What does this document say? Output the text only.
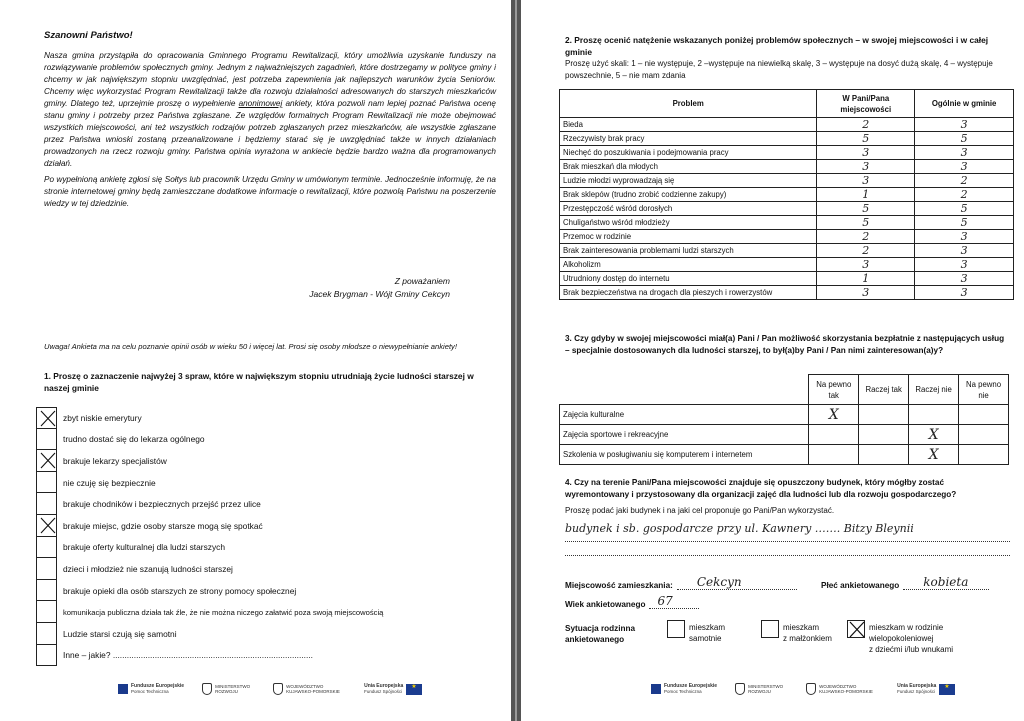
Szanowni Państwo!

Nasza gmina przystąpiła do opracowania Gminnego Programu Rewitalizacji, który umożliwia uzyskanie funduszy na rozwiązywanie problemów społecznych gminy. Jednym z najważniejszych zagadnień, które dostrzegamy w polityce gminy i chcemy w jak największym stopniu uwzględniać, jest potrzeba zapewnienia jak najlepszych warunków życia Seniorów. Chcemy więc wykorzystać Program Rewitalizacji także dla rozwoju działalności adresowanych do starszych mieszkańców gminy. Dlatego też, uprzejmie proszę o wypełnienie anonimowej ankiety, która pozwoli nam lepiej poznać Państwa ocenę stanu gminy i potrzeby przez Państwa zgłaszane. Ze względów formalnych Program Rewitalizacji nie może obejmować wszystkich miejscowości, ani też wszystkich rodzajów potrzeb zgłaszanych przez mieszkańców, ale wszystkie zgłaszane przez Państwa wnioski zostaną przeanalizowane i będziemy starać się je uwzględniać także w innych działaniach prowadzonych na rzecz rozwoju gminy. Państwa opinia wyrażona w ankiecie będzie bardzo ważna dla programowanych działań.

Po wypełnioną ankietę zgłosi się Sołtys lub pracownik Urzędu Gminy w umówionym terminie. Jednocześnie informuję, że na stronie internetowej gminy będą zamieszczane dodatkowe informacje o rewitalizacji, które pozwolą Państwu na poszerzenie wiedzy w tej dziedzinie.

Z poważaniem
Jacek Brygman - Wójt Gminy Cekcyn
Uwaga! Ankieta ma na celu poznanie opinii osób w wieku 50 i więcej lat. Prosi się osoby młodsze o niewypełnianie ankiety!
1. Proszę o zaznaczenie najwyżej 3 spraw, które w największym stopniu utrudniają życie ludności starszej w naszej gminie
zbyt niskie emerytury
trudno dostać się do lekarza ogólnego
brakuje lekarzy specjalistów
nie czuję się bezpiecznie
brakuje chodników i bezpiecznych przejść przez ulice
brakuje miejsc, gdzie osoby starsze mogą się spotkać
brakuje oferty kulturalnej dla ludzi starszych
dzieci i młodzież nie szanują ludności starszej
brakuje opieki dla osób starszych ze strony pomocy społecznej
komunikacja publiczna działa tak źle, że nie można niczego załatwić poza swoją miejscowością
Ludzie starsi czują się samotni
Inne – jakie? ......................................................................................
Fundusze Europejskie
Pomoc Techniczna
MINISTERSTWO ROZWOJU
WOJEWÓDZTWO KUJAWSKO-POMORSKIE
Unia Europejska
Fundusz Spójności
★
2. Proszę ocenić natężenie wskazanych poniżej problemów społecznych – w swojej miejscowości i w całej gminie
Proszę użyć skali: 1 – nie występuje, 2 –występuje na niewielką skalę, 3 – występuje na dosyć dużą skalę, 4 – występuje powszechnie, 5 – nie mam zdania
Problem	W Pani/Pana miejscowości	Ogólnie w gminie
Bieda	2	3
Rzeczywisty brak pracy	5	5
Niechęć do poszukiwania i podejmowania pracy	3	3
Brak mieszkań dla młodych	3	3
Ludzie młodzi wyprowadzają się	3	2
Brak sklepów (trudno zrobić codzienne zakupy)	1	2
Przestępczość wśród dorosłych	5	5
Chuligaństwo wśród młodzieży	5	5
Przemoc w rodzinie	2	3
Brak zainteresowania problemami ludzi starszych	2	3
Alkoholizm	3	3
Utrudniony dostęp do internetu	1	3
Brak bezpieczeństwa na drogach dla pieszych i rowerzystów	3	3
3. Czy gdyby w swojej miejscowości miał(a) Pani / Pan możliwość skorzystania bezpłatnie z następujących usług – specjalnie dostosowanych dla ludności starszej, to był(a)by Pani / Pan nimi zainteresowan(a)y?
	Na pewno tak	Raczej tak	Raczej nie	Na pewno nie
Zajęcia kulturalne	X			
Zajęcia sportowe i rekreacyjne			X	
Szkolenia w posługiwaniu się komputerem i internetem			X	
4. Czy na terenie Pani/Pana miejscowości znajduje się opuszczony budynek, który mógłby zostać wyremontowany i przystosowany dla organizacji zajęć dla ludności lub dla rozwoju gospodarczego?
Proszę podać jaki budynek i na jaki cel proponuje go Pani/Pan wykorzystać.
budynek i sb. gospodarcze przy ul. Kawnery ……. Bitzy Bleynii
Miejscowość zamieszkania:	Cekcyn	Płeć ankietowanego	kobieta
Wiek ankietowanego	67
Sytuacja rodzinna
ankietowanego
mieszkam
samotnie
mieszkam
z małżonkiem
mieszkam w rodzinie
wielopokoleniowej
z dziećmi i/lub wnukami
Fundusze Europejskie
Pomoc Techniczna
MINISTERSTWO ROZWOJU
WOJEWÓDZTWO KUJAWSKO-POMORSKIE
Unia Europejska
Fundusz Spójności
★
